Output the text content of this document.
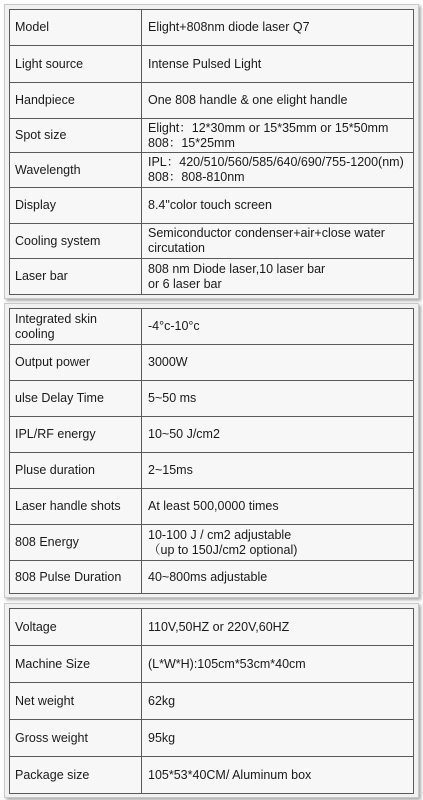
Model	Elight+808nm diode laser Q7
Light source	Intense Pulsed Light
Handpiece	One 808 handle & one elight handle
Spot size	Elight：12*30mm or 15*35mm or 15*50mm
808：15*25mm
Wavelength	IPL：420/510/560/585/640/690/755-1200(nm)
808：808-810nm
Display	8.4"color touch screen
Cooling system	Semiconductor condenser+air+close water
circutation
Laser bar	808 nm Diode laser,10 laser bar
or 6 laser bar
Integrated skin
cooling	-4°c-10°c
Output power	3000W
ulse Delay Time	5~50 ms
IPL/RF energy	10~50 J/cm2
Pluse duration	2~15ms
Laser handle shots	At least 500,0000 times
808 Energy	10-100 J / cm2 adjustable
（up to 150J/cm2 optional)
808 Pulse Duration	40~800ms adjustable
Voltage	110V,50HZ or 220V,60HZ
Machine Size	(L*W*H):105cm*53cm*40cm
Net weight	62kg
Gross weight	95kg
Package size	105*53*40CM/ Aluminum box
